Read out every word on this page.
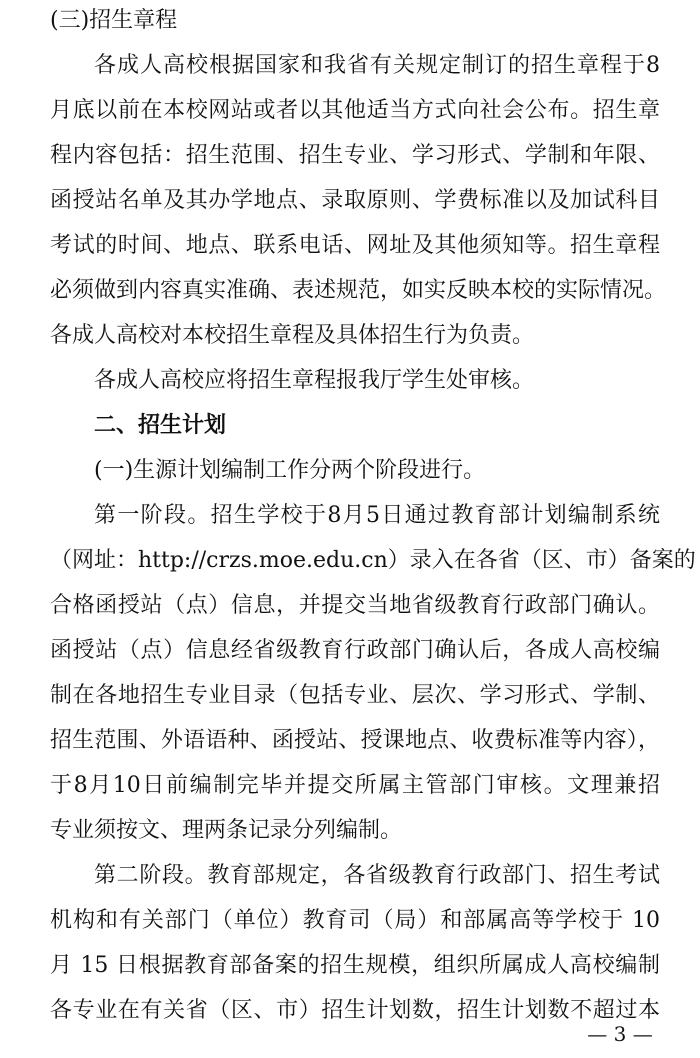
(三)招生章程
各成人高校根据国家和我省有关规定制订的招生章程于8
月底以前在本校网站或者以其他适当方式向社会公布。招生章
程内容包括：招生范围、招生专业、学习形式、学制和年限、
函授站名单及其办学地点、录取原则、学费标准以及加试科目
考试的时间、地点、联系电话、网址及其他须知等。招生章程
必须做到内容真实准确、表述规范，如实反映本校的实际情况。
各成人高校对本校招生章程及具体招生行为负责。
各成人高校应将招生章程报我厅学生处审核。
二、招生计划
(一)生源计划编制工作分两个阶段进行。
第一阶段。招生学校于8月5日通过教育部计划编制系统
（网址：http://crzs.moe.edu.cn）录入在各省（区、市）备案的
合格函授站（点）信息，并提交当地省级教育行政部门确认。
函授站（点）信息经省级教育行政部门确认后，各成人高校编
制在各地招生专业目录（包括专业、层次、学习形式、学制、
招生范围、外语语种、函授站、授课地点、收费标准等内容），
于8月10日前编制完毕并提交所属主管部门审核。文理兼招
专业须按文、理两条记录分列编制。
第二阶段。教育部规定，各省级教育行政部门、招生考试
机构和有关部门（单位）教育司（局）和部属高等学校于 10
月 15 日根据教育部备案的招生规模，组织所属成人高校编制
各专业在有关省（区、市）招生计划数，招生计划数不超过本
— 3 —
